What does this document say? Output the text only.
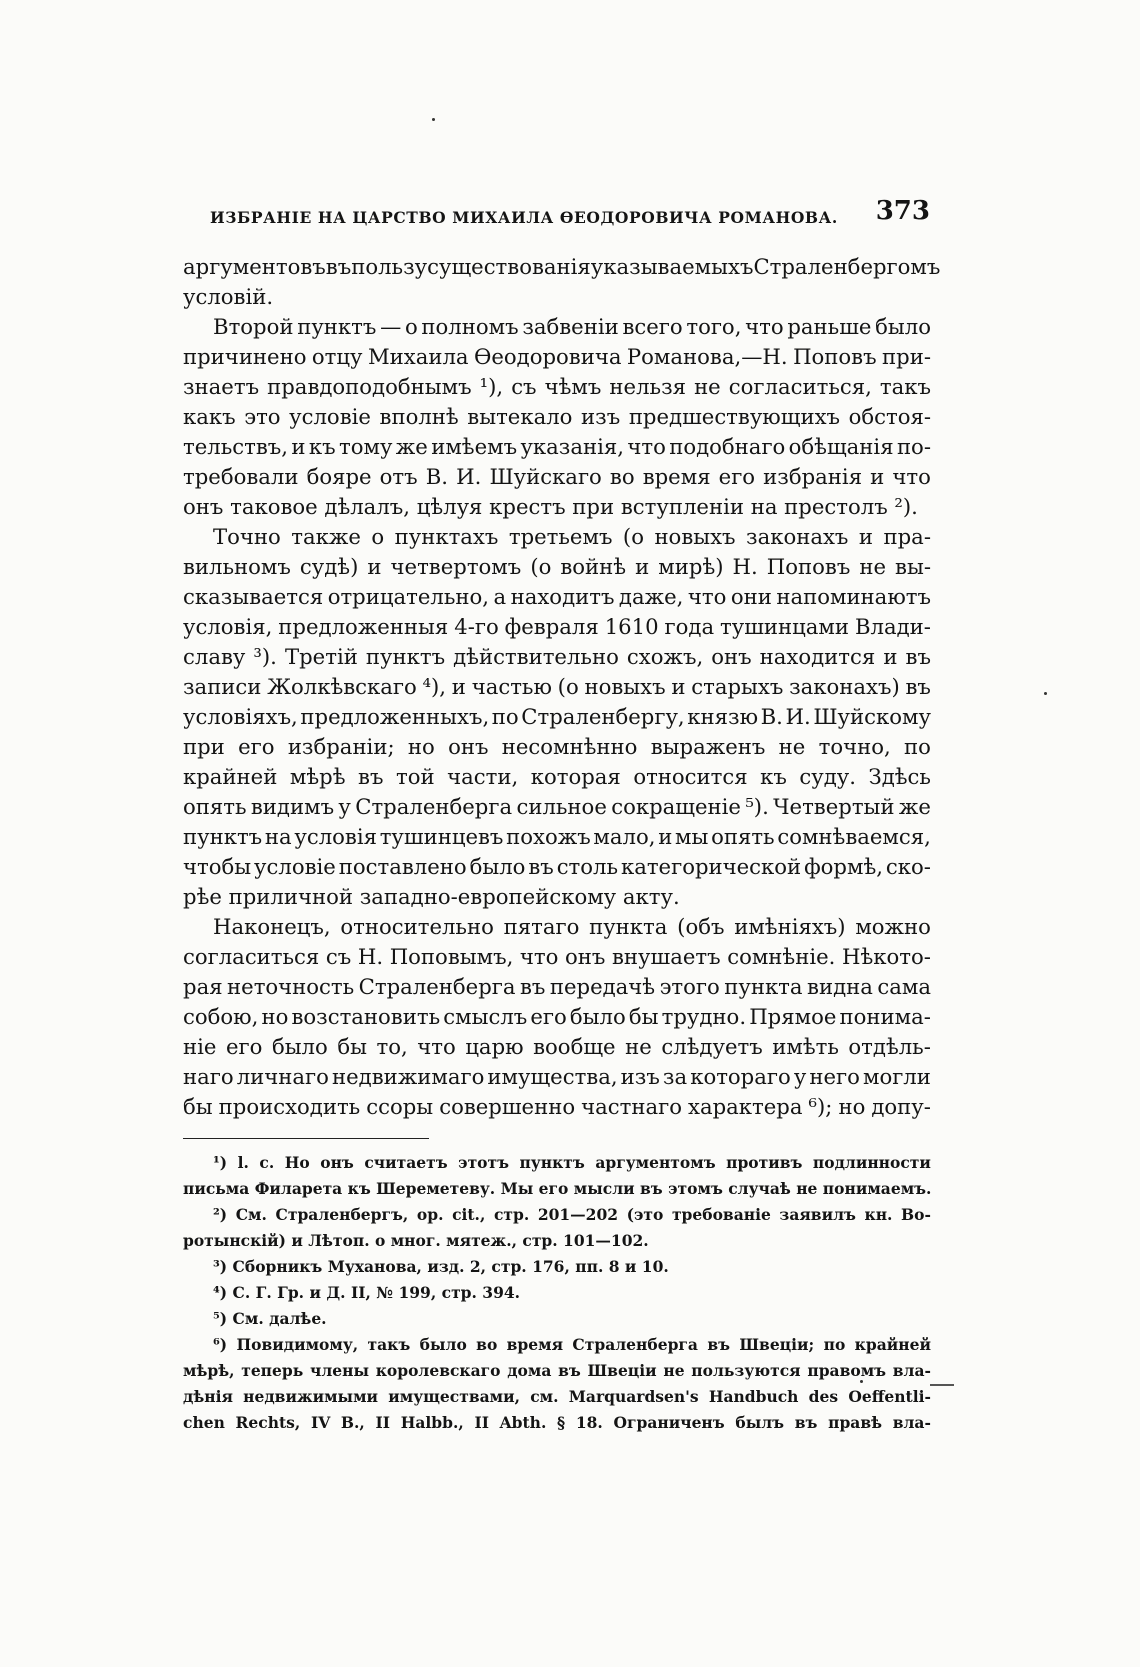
ИЗБРАНІЕ НА ЦАРСТВО МИХАИЛА ѲЕОДОРОВИЧА РОМАНОВА. 373
аргументовъ въ пользу существованія указываемыхъ Страленбергомъ
условій.
Второй пунктъ — о полномъ забвеніи всего того, что раньше было
причинено отцу Михаила Ѳеодоровича Романова,—Н. Поповъ при-
знаетъ правдоподобнымъ ¹), съ чѣмъ нельзя не согласиться, такъ
какъ это условіе вполнѣ вытекало изъ предшествующихъ обстоя-
тельствъ, и къ тому же имѣемъ указанія, что подобнаго обѣщанія по-
требовали бояре отъ В. И. Шуйскаго во время его избранія и что
онъ таковое дѣлалъ, цѣлуя крестъ при вступленіи на престолъ ²).
Точно также о пунктахъ третьемъ (о новыхъ законахъ и пра-
вильномъ судѣ) и четвертомъ (о войнѣ и мирѣ) Н. Поповъ не вы-
сказывается отрицательно, а находитъ даже, что они напоминаютъ
условія, предложенныя 4-го февраля 1610 года тушинцами Влади-
славу ³). Третій пунктъ дѣйствительно схожъ, онъ находится и въ
записи Жолкѣвскаго ⁴), и частью (о новыхъ и старыхъ законахъ) въ
условіяхъ, предложенныхъ, по Страленбергу, князю В. И. Шуйскому
при его избраніи; но онъ несомнѣнно выраженъ не точно, по
крайней мѣрѣ въ той части, которая относится къ суду. Здѣсь
опять видимъ у Страленберга сильное сокращеніе ⁵). Четвертый же
пунктъ на условія тушинцевъ похожъ мало, и мы опять сомнѣваемся,
чтобы условіе поставлено было въ столь категорической формѣ, ско-
рѣе приличной западно-европейскому акту.
Наконецъ, относительно пятаго пункта (объ имѣніяхъ) можно
согласиться съ Н. Поповымъ, что онъ внушаетъ сомнѣніе. Нѣкото-
рая неточность Страленберга въ передачѣ этого пункта видна сама
собою, но возстановить смыслъ его было бы трудно. Прямое понима-
ніе его было бы то, что царю вообще не слѣдуетъ имѣть отдѣль-
наго личнаго недвижимаго имущества, изъ за котораго у него могли
бы происходить ссоры совершенно частнаго характера ⁶); но допу-
¹) l. c. Но онъ считаетъ этотъ пунктъ аргументомъ противъ подлинности
письма Филарета къ Шереметеву. Мы его мысли въ этомъ случаѣ не понимаемъ.
²) См. Страленбергъ, op. cit., стр. 201—202 (это требованіе заявилъ кн. Во-
ротынскій) и Лѣтоп. о мног. мятеж., стр. 101—102.
³) Сборникъ Муханова, изд. 2, стр. 176, пп. 8 и 10.
⁴) С. Г. Гр. и Д. II, № 199, стр. 394.
⁵) См. далѣе.
⁶) Повидимому, такъ было во время Страленберга въ Швеціи; по крайней
мѣрѣ, теперь члены королевскаго дома въ Швеціи не пользуются правомъ вла-
дѣнія недвижимыми имуществами, см. Marquardsen's Handbuch des Oeffentli-
chen Rechts, IV B., II Halbb., II Abth. § 18. Ограниченъ былъ въ правѣ вла-
